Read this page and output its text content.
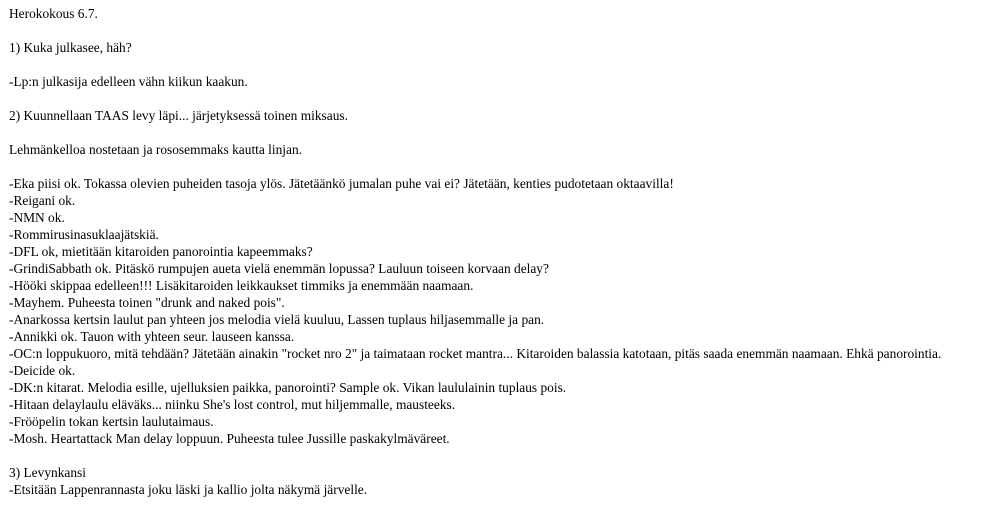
Herokokous 6.7.
1) Kuka julkasee, häh?
-Lp:n julkasija edelleen vähn kiikun kaakun.
2) Kuunnellaan TAAS levy läpi... järjetyksessä toinen miksaus.
Lehmänkelloa nostetaan ja rososemmaks kautta linjan.
-Eka piisi ok. Tokassa olevien puheiden tasoja ylös. Jätetäänkö jumalan puhe vai ei? Jätetään, kenties pudotetaan oktaavilla!
-Reigani ok.
-NMN ok.
-Rommirusinasuklaajätskiä.
-DFL ok, mietitään kitaroiden panorointia kapeemmaks?
-GrindiSabbath ok. Pitäskö rumpujen aueta vielä enemmän lopussa? Lauluun toiseen korvaan delay?
-Hööki skippaa edelleen!!! Lisäkitaroiden leikkaukset timmiks ja enemmään naamaan.
-Mayhem. Puheesta toinen "drunk and naked pois".
-Anarkossa kertsin laulut pan yhteen jos melodia vielä kuuluu, Lassen tuplaus hiljasemmalle ja pan.
-Annikki ok. Tauon with yhteen seur. lauseen kanssa.
-OC:n loppukuoro, mitä tehdään? Jätetään ainakin "rocket nro 2" ja taimataan rocket mantra... Kitaroiden balassia katotaan, pitäs saada enemmän naamaan. Ehkä panorointia.
-Deicide ok.
-DK:n kitarat. Melodia esille, ujelluksien paikka, panorointi? Sample ok. Vikan laululainin tuplaus pois.
-Hitaan delaylaulu eläväks... niinku She's lost control, mut hiljemmalle, mausteeks.
-Frööpelin tokan kertsin laulutaimaus.
-Mosh. Heartattack Man delay loppuun. Puheesta tulee Jussille paskakylmäväreet.
3) Levynkansi
-Etsitään Lappenrannasta joku läski ja kallio jolta näkymä järvelle.
